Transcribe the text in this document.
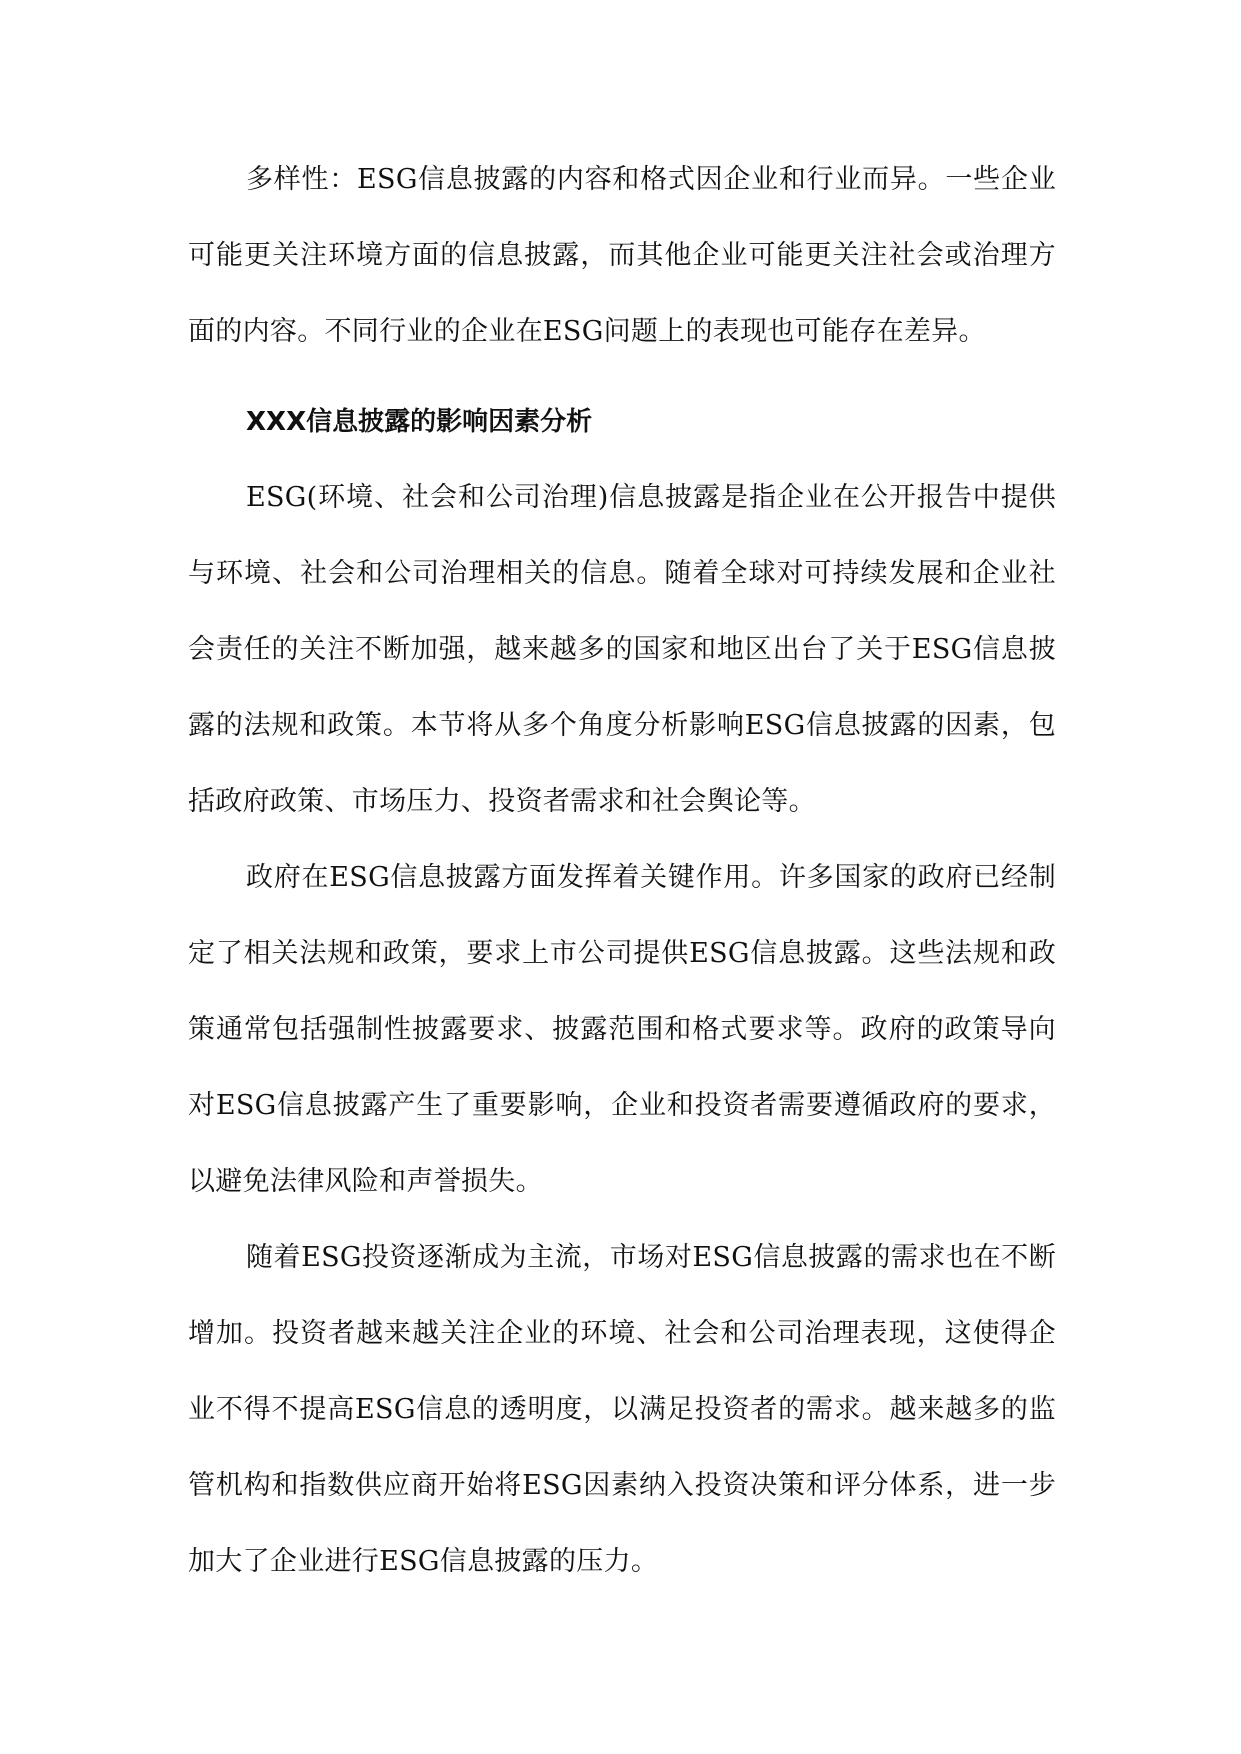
多样性：ESG信息披露的内容和格式因企业和行业而异。一些企业可能更关注环境方面的信息披露，而其他企业可能更关注社会或治理方面的内容。不同行业的企业在ESG问题上的表现也可能存在差异。

XXX信息披露的影响因素分析

ESG(环境、社会和公司治理)信息披露是指企业在公开报告中提供与环境、社会和公司治理相关的信息。随着全球对可持续发展和企业社会责任的关注不断加强，越来越多的国家和地区出台了关于ESG信息披露的法规和政策。本节将从多个角度分析影响ESG信息披露的因素，包括政府政策、市场压力、投资者需求和社会舆论等。

政府在ESG信息披露方面发挥着关键作用。许多国家的政府已经制定了相关法规和政策，要求上市公司提供ESG信息披露。这些法规和政策通常包括强制性披露要求、披露范围和格式要求等。政府的政策导向对ESG信息披露产生了重要影响，企业和投资者需要遵循政府的要求，以避免法律风险和声誉损失。

随着ESG投资逐渐成为主流，市场对ESG信息披露的需求也在不断增加。投资者越来越关注企业的环境、社会和公司治理表现，这使得企业不得不提高ESG信息的透明度，以满足投资者的需求。越来越多的监管机构和指数供应商开始将ESG因素纳入投资决策和评分体系，进一步加大了企业进行ESG信息披露的压力。
